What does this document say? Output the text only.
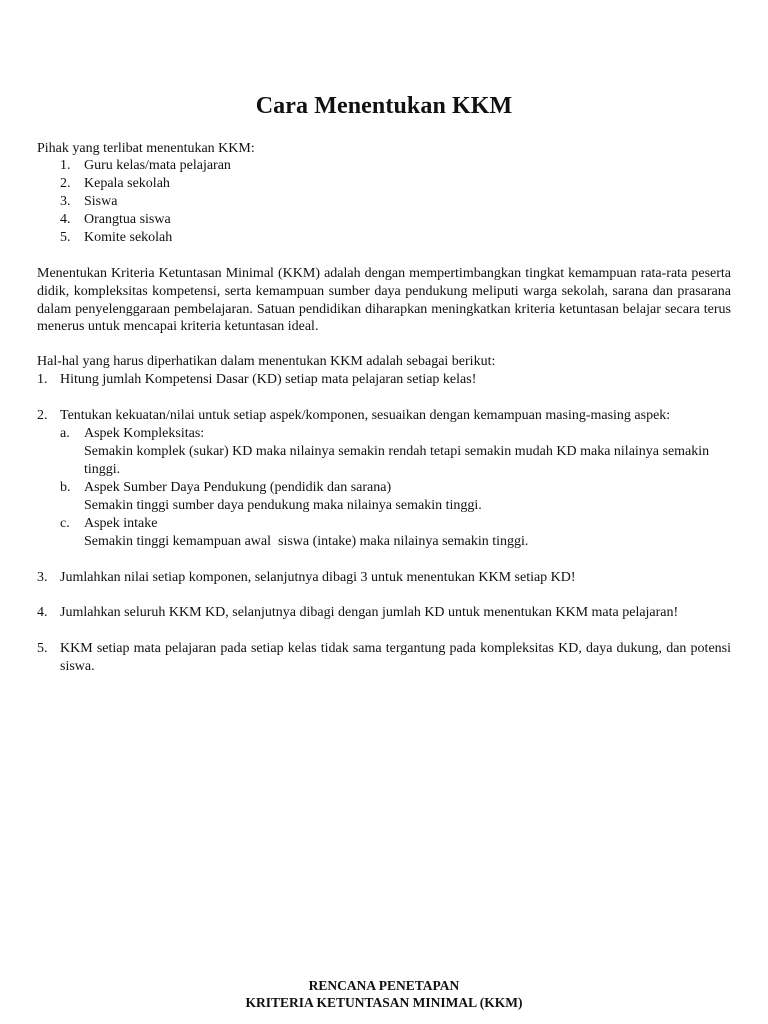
Cara Menentukan KKM
Pihak yang terlibat menentukan KKM:
1. Guru kelas/mata pelajaran
2. Kepala sekolah
3. Siswa
4. Orangtua siswa
5. Komite sekolah
Menentukan Kriteria Ketuntasan Minimal (KKM) adalah dengan mempertimbangkan tingkat kemampuan rata-rata peserta didik, kompleksitas kompetensi, serta kemampuan sumber daya pendukung meliputi warga sekolah, sarana dan prasarana dalam penyelenggaraan pembelajaran. Satuan pendidikan diharapkan meningkatkan kriteria ketuntasan belajar secara terus menerus untuk mencapai kriteria ketuntasan ideal.
Hal-hal yang harus diperhatikan dalam menentukan KKM adalah sebagai berikut:
1. Hitung jumlah Kompetensi Dasar (KD) setiap mata pelajaran setiap kelas!
2. Tentukan kekuatan/nilai untuk setiap aspek/komponen, sesuaikan dengan kemampuan masing-masing aspek:
a. Aspek Kompleksitas:
Semakin komplek (sukar) KD maka nilainya semakin rendah tetapi semakin mudah KD maka nilainya semakin tinggi.
b. Aspek Sumber Daya Pendukung (pendidik dan sarana)
Semakin tinggi sumber daya pendukung maka nilainya semakin tinggi.
c. Aspek intake
Semakin tinggi kemampuan awal  siswa (intake) maka nilainya semakin tinggi.
3. Jumlahkan nilai setiap komponen, selanjutnya dibagi 3 untuk menentukan KKM setiap KD!
4. Jumlahkan seluruh KKM KD, selanjutnya dibagi dengan jumlah KD untuk menentukan KKM mata pelajaran!
5. KKM setiap mata pelajaran pada setiap kelas tidak sama tergantung pada kompleksitas KD, daya dukung, dan potensi siswa.
RENCANA PENETAPAN
KRITERIA KETUNTASAN MINIMAL (KKM)
